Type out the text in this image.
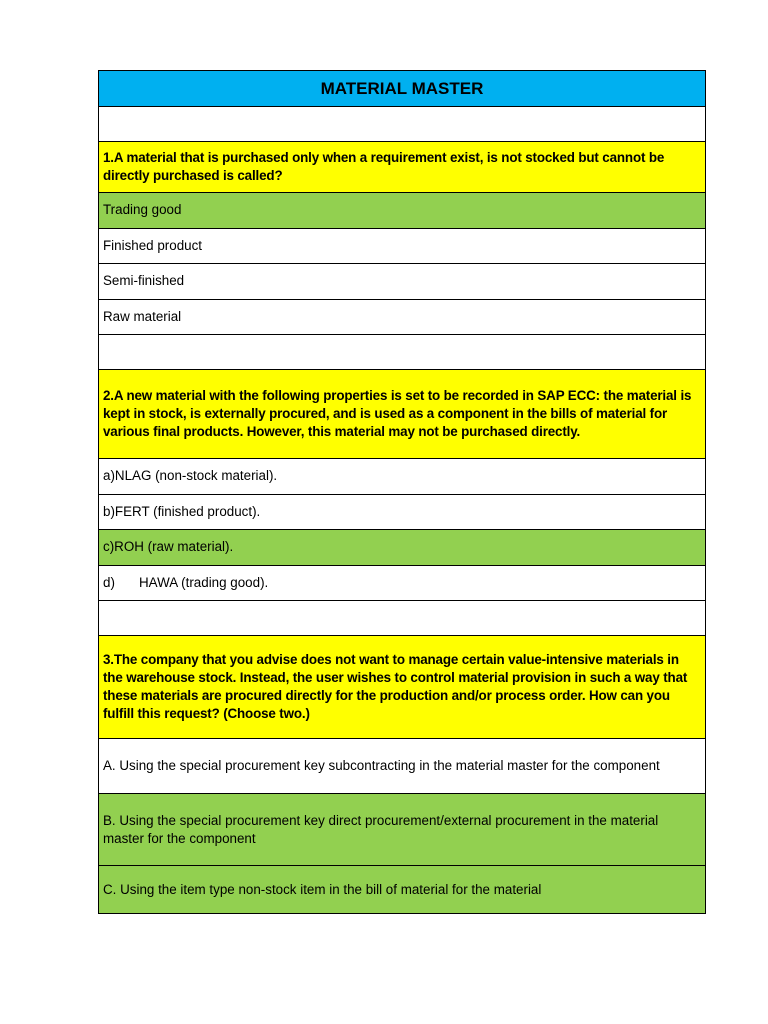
MATERIAL MASTER
1.A material that is purchased only when a requirement exist, is not stocked but cannot be directly purchased is called?
Trading good
Finished product
Semi-finished
Raw material
2.A new material with the following properties is set to be recorded in SAP ECC: the material is kept in stock, is externally procured, and is used as a component in the bills of material for various final products. However, this material may not be purchased directly.
a)NLAG (non-stock material).
b)FERT (finished product).
c)ROH (raw material).
d)	HAWA (trading good).
3.The company that you advise does not want to manage certain value-intensive materials in the warehouse stock. Instead, the user wishes to control material provision in such a way that these materials are procured directly for the production and/or process order. How can you fulfill this request? (Choose two.)
A. Using the special procurement key subcontracting in the material master for the component
B. Using the special procurement key direct procurement/external procurement in the material master for the component
C. Using the item type non-stock item in the bill of material for the material
